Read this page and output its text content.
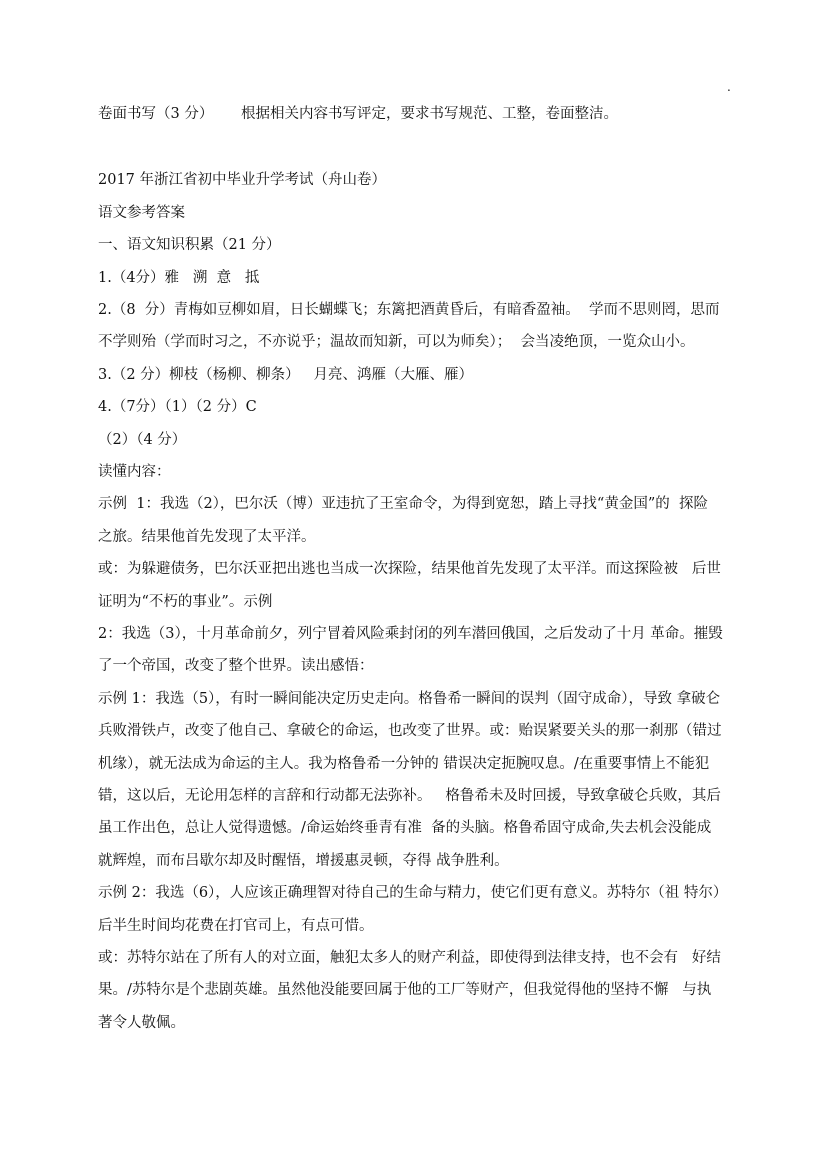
.
卷面书写（3 分）      根据相关内容书写评定，要求书写规范、工整，卷面整洁。
2017 年浙江省初中毕业升学考试（舟山卷）
语文参考答案
一、语文知识积累（21 分）
1.（4分）雅   溯  意   抵
2.（8  分）青梅如豆柳如眉，日长蝴蝶飞；东篱把酒黄昏后，有暗香盈袖。  学而不思则罔，思而
不学则殆（学而时习之，不亦说乎；温故而知新，可以为师矣）；  会当凌绝顶，一览众山小。
3.（2 分）柳枝（杨柳、柳条）   月亮、鸿雁（大雁、雁）
4.（7分）（1）（2 分）C
（2）（4 分）
读懂内容：
示例  1：我选（2），巴尔沃（博）亚违抗了王室命令，为得到宽恕，踏上寻找“黄金国”的  探险
之旅。结果他首先发现了太平洋。
或：为躲避债务，巴尔沃亚把出逃也当成一次探险，结果他首先发现了太平洋。而这探险被   后世
证明为“不朽的事业”。示例
2：我选（3），十月革命前夕，列宁冒着风险乘封闭的列车潜回俄国，之后发动了十月 革命。摧毁
了一个帝国，改变了整个世界。读出感悟：
示例 1：我选（5），有时一瞬间能决定历史走向。格鲁希一瞬间的误判（固守成命），导致 拿破仑
兵败滑铁卢，改变了他自己、拿破仑的命运，也改变了世界。或：贻误紧要关头的那一刹那（错过
机缘），就无法成为命运的主人。我为格鲁希一分钟的 错误决定扼腕叹息。/在重要事情上不能犯
错，这以后，无论用怎样的言辞和行动都无法弥补。   格鲁希未及时回援，导致拿破仑兵败，其后
虽工作出色，总让人觉得遗憾。/命运始终垂青有准  备的头脑。格鲁希固守成命,失去机会没能成
就辉煌，而布吕歇尔却及时醒悟，增援惠灵顿，夺得 战争胜利。
示例 2：我选（6），人应该正确理智对待自己的生命与精力，使它们更有意义。苏特尔（祖 特尔）
后半生时间均花费在打官司上，有点可惜。
或：苏特尔站在了所有人的对立面，触犯太多人的财产利益，即使得到法律支持，也不会有   好结
果。/苏特尔是个悲剧英雄。虽然他没能要回属于他的工厂等财产，但我觉得他的坚持不懈   与执
著令人敬佩。
